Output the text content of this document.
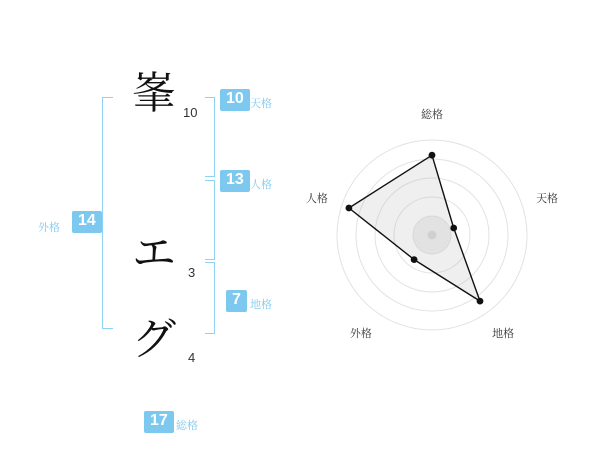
峯 10
エ 3
グ 4
10 天格
13 人格
7 地格
外格	14
17 総格
総格
天格
地格
外格
人格
